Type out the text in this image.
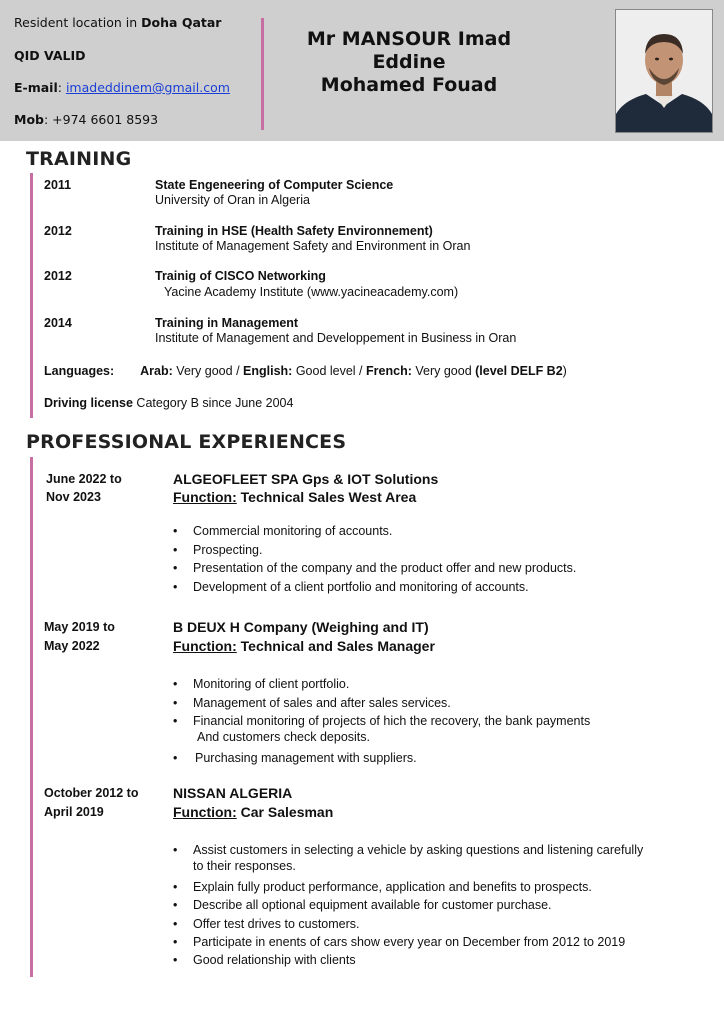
Resident location in Doha Qatar
QID VALID
E-mail: imadeddinem@gmail.com
Mob: +974 6601 8593
Mr MANSOUR Imad Eddine
Mohamed Fouad
TRAINING
2011	State Engeneering of Computer Science
University of Oran in Algeria
2012	Training in HSE (Health Safety Environnement)
Institute of Management Safety and Environment in Oran
2012	Trainig of CISCO Networking
Yacine Academy Institute (www.yacineacademy.com)
2014	Training in Management
Institute of Management and Developpement in Business in Oran
Languages: Arab: Very good / English: Good level / French: Very good (level DELF B2)
Driving license Category B since June 2004
PROFESSIONAL EXPERIENCES
June 2022 to
Nov 2023
ALGEOFLEET SPA Gps & IOT Solutions
Function: Technical Sales West Area
• Commercial monitoring of accounts.
• Prospecting.
• Presentation of the company and the product offer and new products.
• Development of a client portfolio and monitoring of accounts.
May 2019 to
May 2022
B DEUX H Company (Weighing and IT)
Function: Technical and Sales Manager
• Monitoring of client portfolio.
• Management of sales and after sales services.
• Financial monitoring of projects of hich the recovery, the bank payments
And customers check deposits.
• Purchasing management with suppliers.
October 2012 to
April 2019
NISSAN ALGERIA
Function: Car Salesman
• Assist customers in selecting a vehicle by asking questions and listening carefully
to their responses.
• Explain fully product performance, application and benefits to prospects.
• Describe all optional equipment available for customer purchase.
• Offer test drives to customers.
• Participate in enents of cars show every year on December from 2012 to 2019
• Good relationship with clients
